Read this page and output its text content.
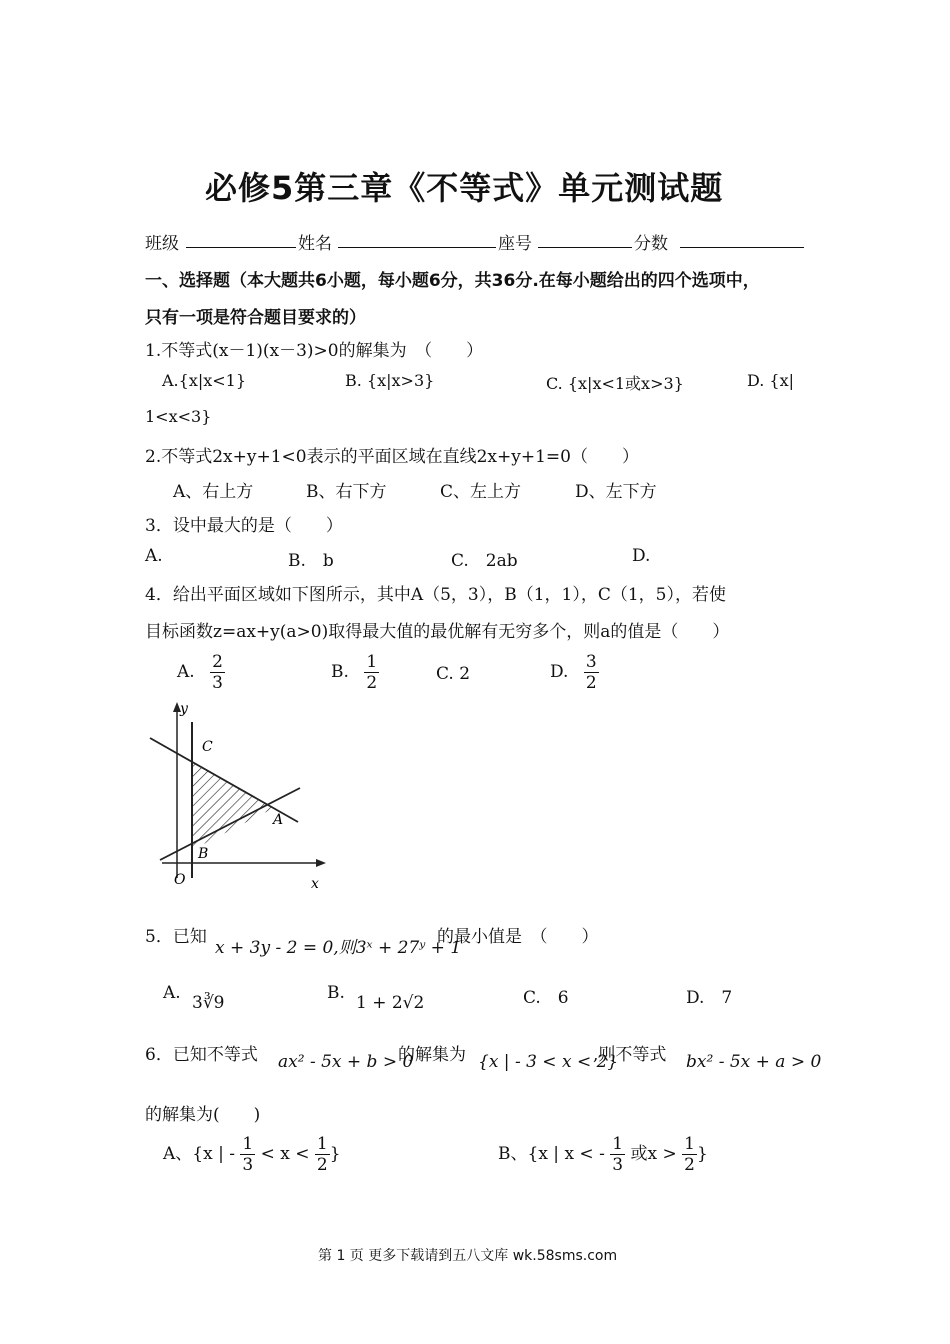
必修5第三章《不等式》单元测试题
班级	姓名	座号	分数
一、选择题（本大题共6小题，每小题6分，共36分.在每小题给出的四个选项中，
只有一项是符合题目要求的）
1.不等式(x－1)(x－3)>0的解集为　（　　）
A.{x|x<1}	B. {x|x>3}	C. {x|x<1或x>3}	D. {x|
1<x<3}
2.不等式2x+y+1<0表示的平面区域在直线2x+y+1=0（　　）
A、右上方	B、右下方	C、左上方	D、左下方
3．设中最大的是（　　）
A.	B.　b	C.　2ab	D.
4．给出平面区域如下图所示，其中A（5，3），B（1，1），C（1，5），若使
目标函数z=ax+y(a>0)取得最大值的最优解有无穷多个，则a的值是（　　）
A. $\frac{2}{3}$	B. $\frac{1}{2}$	C. 2	D. $\frac{3}{2}$
y
x
O
C
A
B
5．已知
x + 3y - 2 = 0,则3ˣ + 27ʸ + 1
的最小值是　（　　）
A. 3∛9	B. 1 + 2√2	C.　6	D.　7
6．已知不等式 ax² - 5x + b > 0
的解集为 {x | - 3 < x < 2}
,则不等式 bx² - 5x + a > 0
的解集为(　　)
A、{x | - $\frac{1}{3} < x < \frac{1}{2}$ }	B、{x | x < - $\frac{1}{3}$ 或$x > \frac{1}{2}$ }
第 1 页 更多下载请到五八文库 wk.58sms.com
